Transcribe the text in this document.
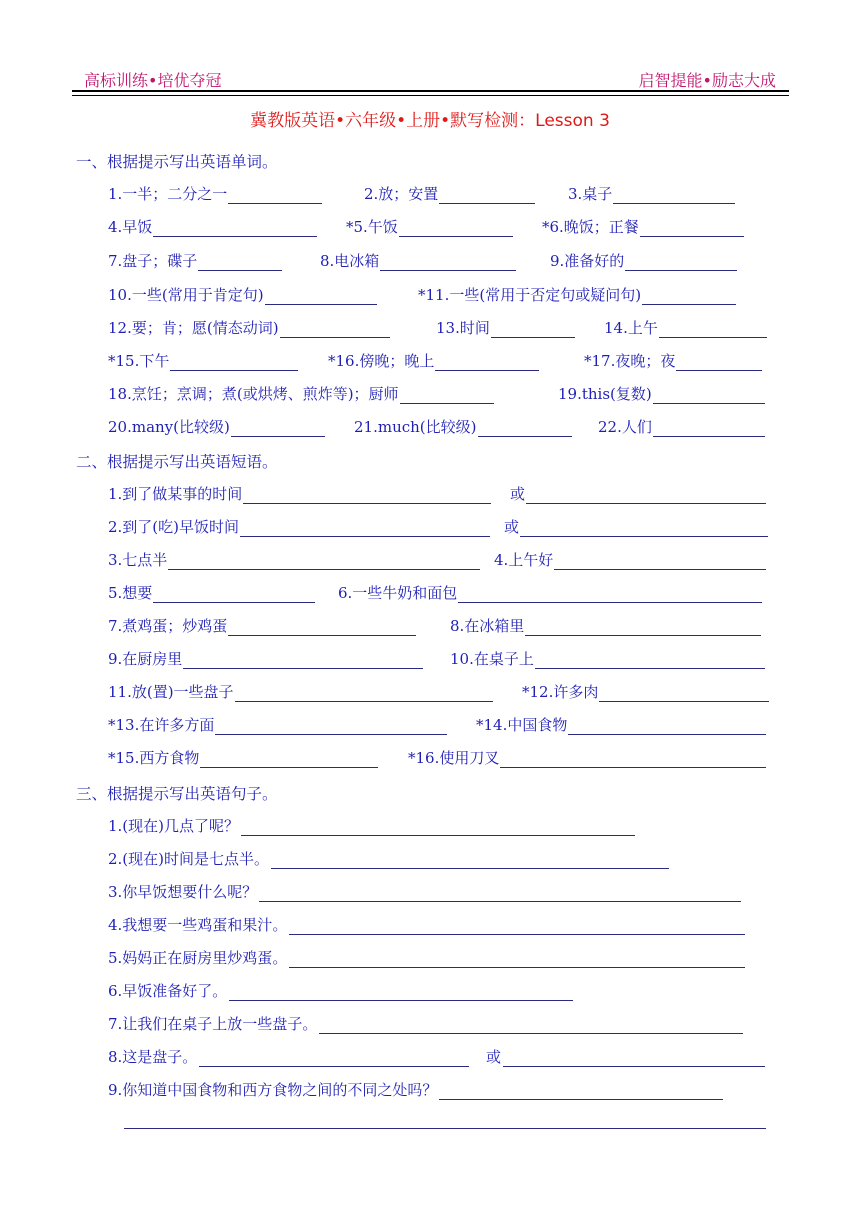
高标训练•培优夺冠	启智提能•励志大成
冀教版英语•六年级•上册•默写检测：Lesson 3
一、根据提示写出英语单词。
1.一半；二分之一	2.放；安置	3.桌子
4.早饭	*5.午饭	*6.晚饭；正餐
7.盘子；碟子	8.电冰箱	9.准备好的
10.一些(常用于肯定句)	*11.一些(常用于否定句或疑问句)
12.要；肯；愿(情态动词)	13.时间	14.上午
*15.下午	*16.傍晚；晚上	*17.夜晚；夜
18.烹饪；烹调；煮(或烘烤、煎炸等)；厨师	19.this(复数)
20.many(比较级)	21.much(比较级)	22.人们
二、根据提示写出英语短语。
1.到了做某事的时间	或
2.到了(吃)早饭时间	或
3.七点半	4.上午好
5.想要	6.一些牛奶和面包
7.煮鸡蛋；炒鸡蛋	8.在冰箱里
9.在厨房里	10.在桌子上
11.放(置)一些盘子	*12.许多肉
*13.在许多方面	*14.中国食物
*15.西方食物	*16.使用刀叉
三、根据提示写出英语句子。
1.(现在)几点了呢？
2.(现在)时间是七点半。
3.你早饭想要什么呢？
4.我想要一些鸡蛋和果汁。
5.妈妈正在厨房里炒鸡蛋。
6.早饭准备好了。
7.让我们在桌子上放一些盘子。
8.这是盘子。	或
9.你知道中国食物和西方食物之间的不同之处吗？
